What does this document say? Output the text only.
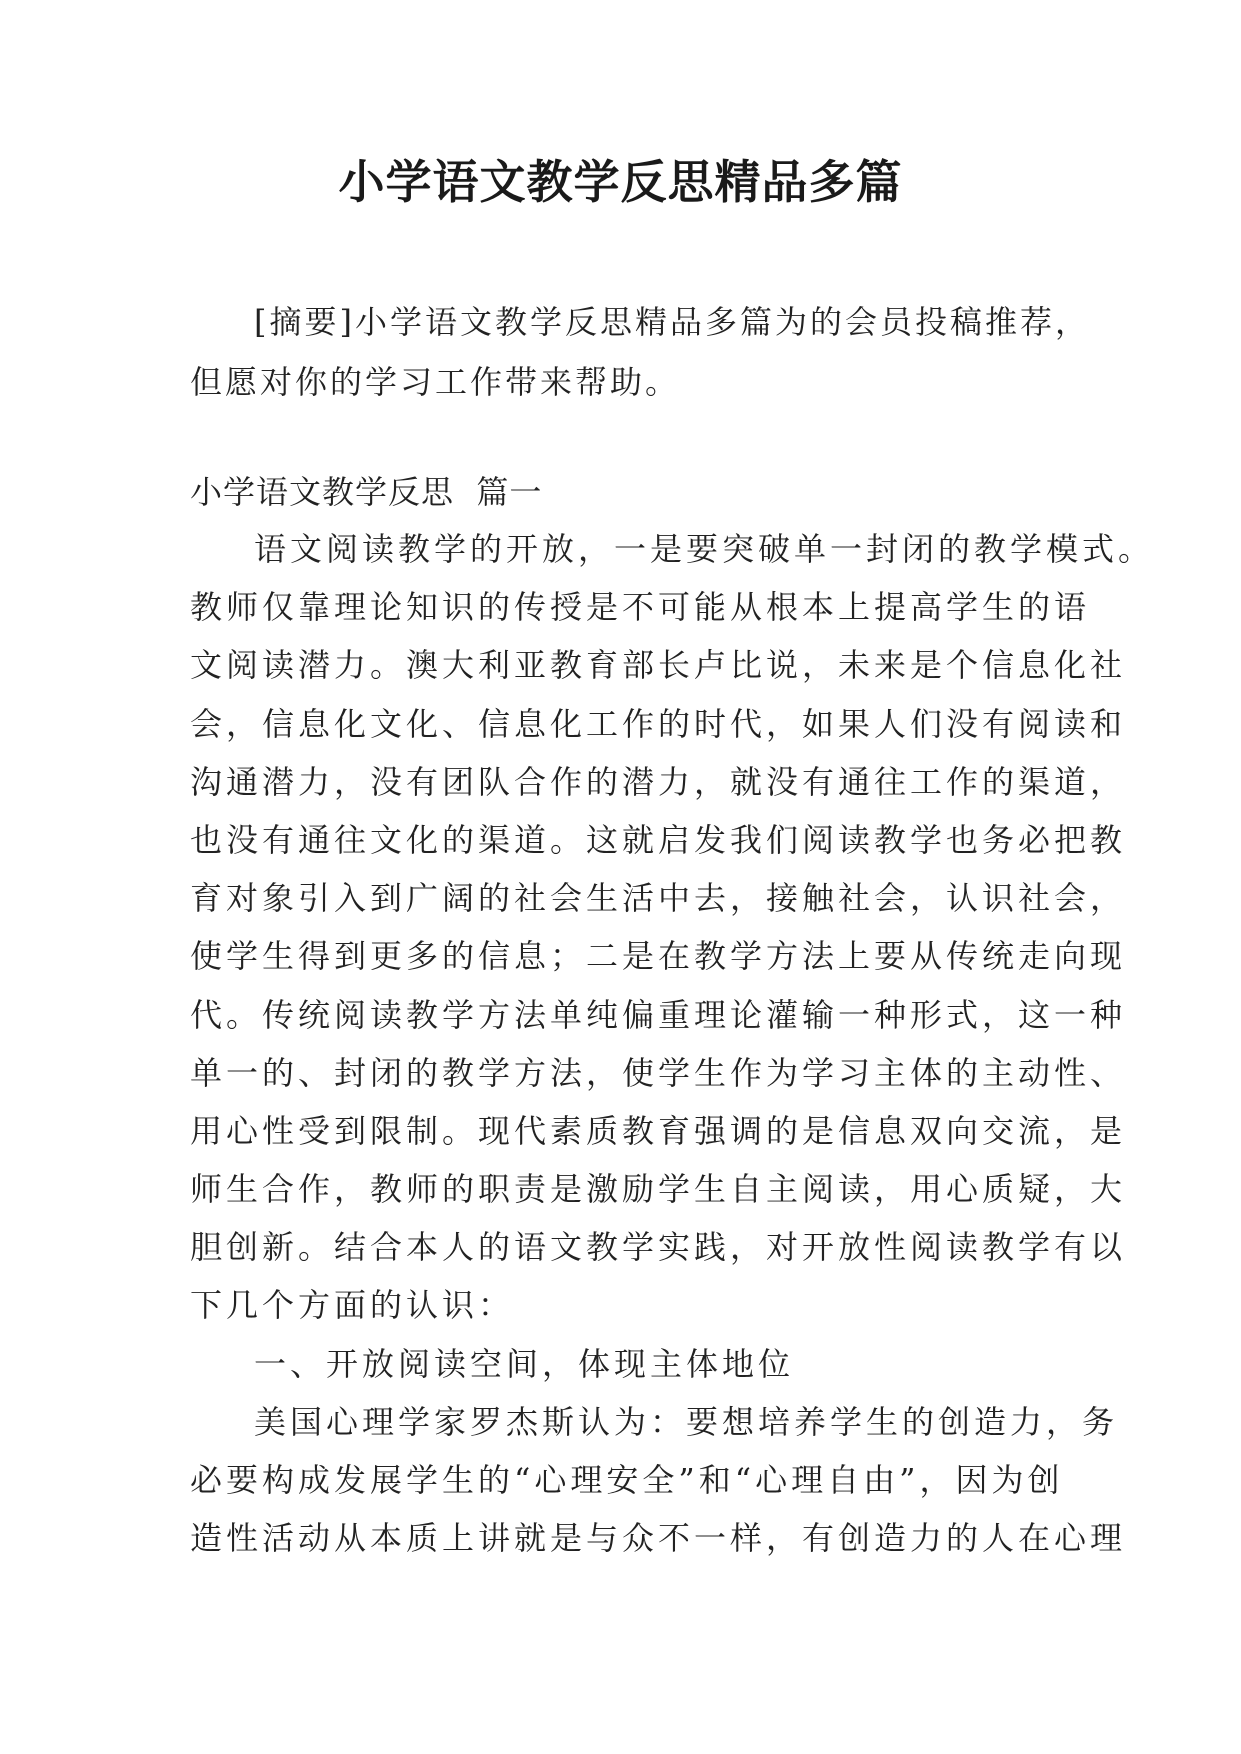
小学语文教学反思精品多篇

[摘要]小学语文教学反思精品多篇为的会员投稿推荐，
但愿对你的学习工作带来帮助。

小学语文教学反思  篇一

语文阅读教学的开放，一是要突破单一封闭的教学模式。
教师仅靠理论知识的传授是不可能从根本上提高学生的语
文阅读潜力。澳大利亚教育部长卢比说，未来是个信息化社
会，信息化文化、信息化工作的时代，如果人们没有阅读和
沟通潜力，没有团队合作的潜力，就没有通往工作的渠道，
也没有通往文化的渠道。这就启发我们阅读教学也务必把教
育对象引入到广阔的社会生活中去，接触社会，认识社会，
使学生得到更多的信息；二是在教学方法上要从传统走向现
代。传统阅读教学方法单纯偏重理论灌输一种形式，这一种
单一的、封闭的教学方法，使学生作为学习主体的主动性、
用心性受到限制。现代素质教育强调的是信息双向交流，是
师生合作，教师的职责是激励学生自主阅读，用心质疑，大
胆创新。结合本人的语文教学实践，对开放性阅读教学有以
下几个方面的认识：
一、开放阅读空间，体现主体地位
美国心理学家罗杰斯认为：要想培养学生的创造力，务
必要构成发展学生的“心理安全”和“心理自由”，因为创
造性活动从本质上讲就是与众不一样，有创造力的人在心理
